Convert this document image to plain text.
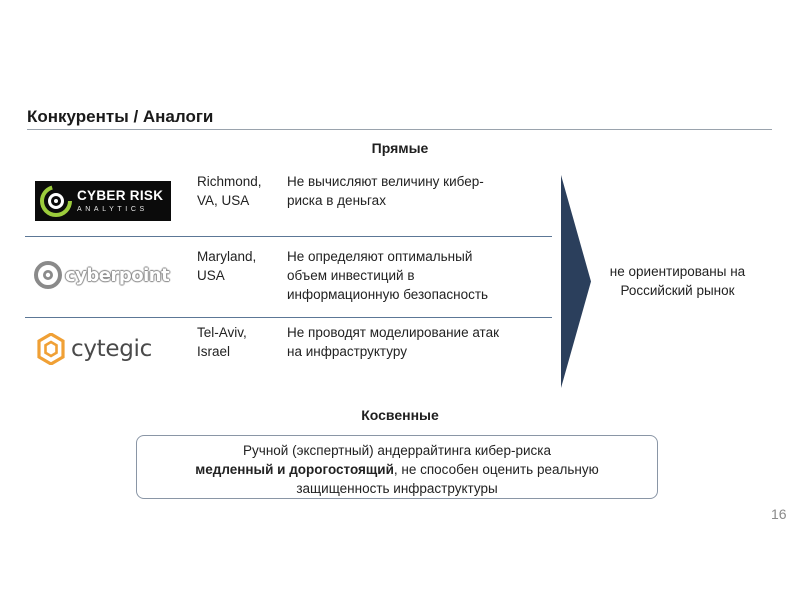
Конкуренты / Аналоги
Прямые
CYBER RISK
ANALYTICS
Richmond,
VA, USA
Не вычисляют величину кибер-
риска в деньгах
cyberpoint
Maryland,
USA
Не определяют оптимальный
объем инвестиций в
информационную безопасность
cytegic
Tel-Aviv,
Israel
Не проводят моделирование атак
на инфраструктуру
не ориентированы на
Российский рынок
Косвенные
Ручной (экспертный) андеррайтинга кибер-риска
медленный и дорогостоящий, не способен оценить реальную
защищенность инфраструктуры
16
